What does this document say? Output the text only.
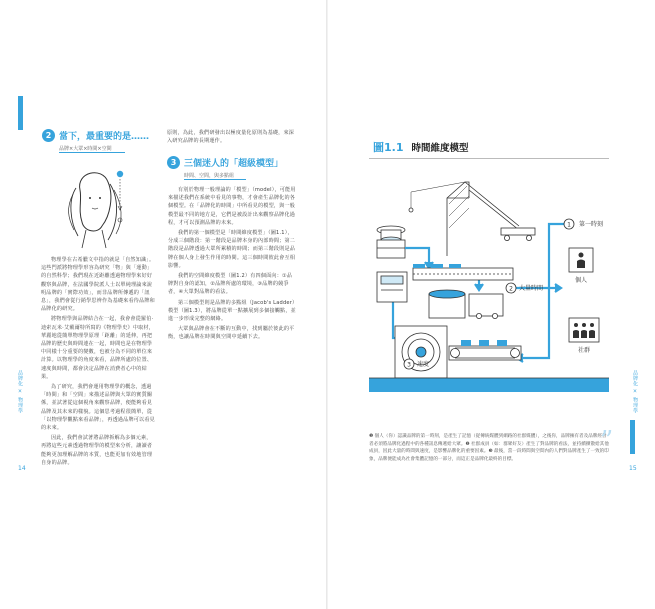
品牌化 × 物理學
14
2 當下，最重要的是……
品牌×大眾×時間×空間

物理學在古希臘文中指的就是「自然知識」。這些門派將物理學形容為研究「物」與「運動」的自然科學；我們現在近距離透過物理學來好好觀察與品牌，在法國學院派人士以單純理論來說明品牌的「實際功效」，而非品牌所傳遞的「訊息」，我們會從行銷學思辨作為基礎來看待品牌和品牌化的研究。

將物理學與品牌結合在一起，我會會從羅伯·迪索瓦米·艾戴爾特所寫的《物理學史》中取材，華麗地從簡單物理學原理「距離」的延伸，再把品牌的歷史與時間連在一起，時間也是在物理學中同樣十分重要的變數，也被分為不同的單位來計算。以物理學的角度來看，品牌所處的位置、速度與時間，都會決定品牌在消費者心中的結果。

為了研究，我們會運用物理學的概念，透過「時間」和「空間」來描述品牌與大眾的實質關係，並試著從這個視角來觀察品牌，便能夠看見品牌及其未來的樣貌。這個思考過程很簡單，從「以物理學觀點來看品牌」，再透過品牌可以看見的未來。

因此，我們會試著將品牌拆解為多個元素，再將這些元素透過物理學的模型來分析，讓讀者能夠更加理解品牌的本質，也能更加有效地管理自身的品牌。

原則，為此，我們研發出以極度量化原則為基礎，來深入研究品牌的長期運作。

3 三個迷人的「超級模型」
時間、空間，與多點組

有別於物理一般理論的「模型」（model），可能用來描述我們在系統中看見的事物，才會產生品牌化的各個模型。在「品牌化的時間」中所看見的模型，與一般模型最不同的地方是，它們是被設計出來觀察品牌化過程，才可以預測品牌的未來。

我們的第一個模型是「時間維度模型」（圖1.1），分成三個階段：第一階段是品牌本身的內部時間；第二階段是品牌透過大眾所累積的時間；而第三階段則是品牌在個人身上發生作用的時間。這三個時間彼此會互相影響。

我們的空間維度模型（圖1.2）有四個面向：①品牌對自身的認知，②品牌所處的環境，③品牌的競爭者，④大眾對品牌的看法。

第三個模型則是品牌的多點組（Jacob's Ladder）模型（圖1.3），將品牌從單一點擴展到多個接觸點，並進一步形成完整的網絡。

大眾與品牌會在不斷的互動中，找到屬於彼此的平衡，也讓品牌在時間與空間中延續下去。

品牌化 × 物理學
15
圖1.1 時間維度模型
1 第一時刻
2 大量時間
3 速度
個人
社群
❶ 個人（你）認識品牌的第一時刻，是產生了記憶（從傳統媒體到網路的社群媒體），之後你，品牌擁有者及品牌經營者必須將品牌化過程中的各種訊息傳遞給大眾。❷ 社群成員（如：群眾好友）產生了對品牌的看法，並持續擴散給其他成員，因此大量的時間與速度，是影響品牌化的重要因素。❸ 最後，當一段時間與空間內的人們對品牌產生了一致的印象，品牌便能成為社會集體記憶的一部分，而這正是品牌化最終的目標。
”
